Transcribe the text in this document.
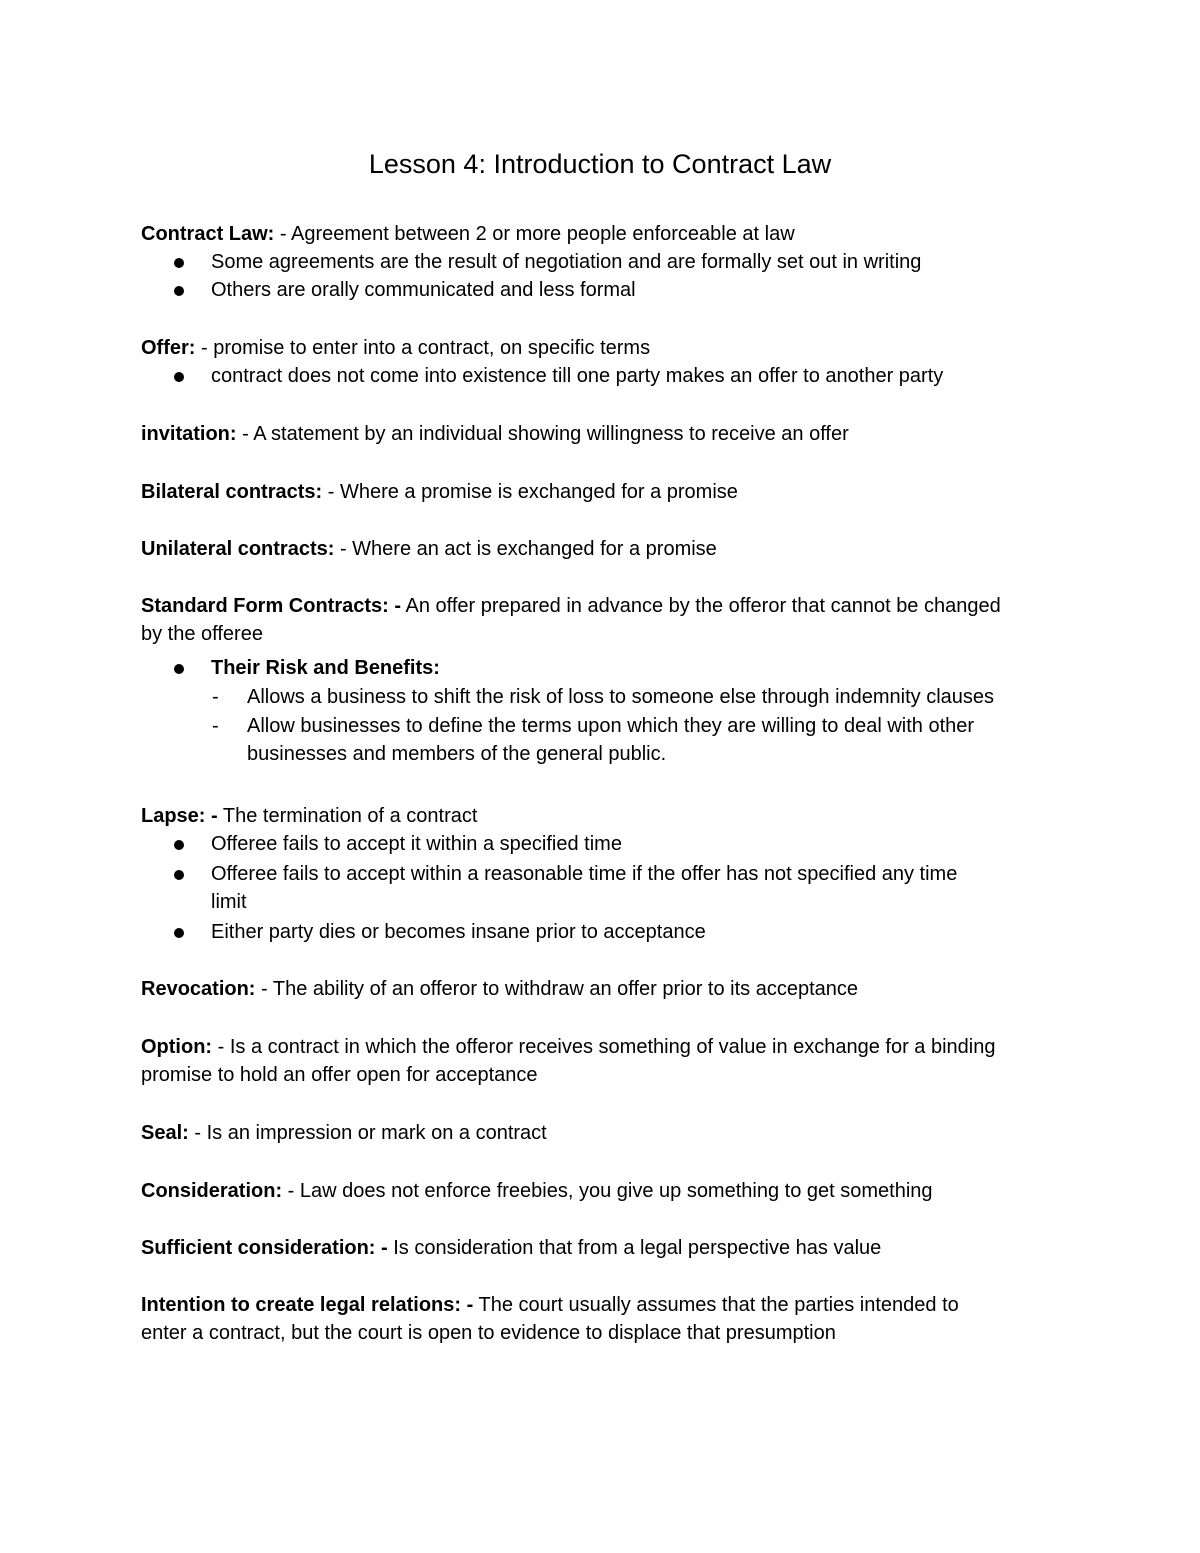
Lesson 4: Introduction to Contract Law
Contract Law: - Agreement between 2 or more people enforceable at law
Some agreements are the result of negotiation and are formally set out in writing
Others are orally communicated and less formal
Offer: - promise to enter into a contract, on specific terms
contract does not come into existence till one party makes an offer to another party
invitation: - A statement by an individual showing willingness to receive an offer
Bilateral contracts: - Where a promise is exchanged for a promise
Unilateral contracts: - Where an act is exchanged for a promise
Standard Form Contracts: - An offer prepared in advance by the offeror that cannot be changed
by the offeree
Their Risk and Benefits:
- Allows a business to shift the risk of loss to someone else through indemnity clauses
- Allow businesses to define the terms upon which they are willing to deal with other
businesses and members of the general public.
Lapse: - The termination of a contract
Offeree fails to accept it within a specified time
Offeree fails to accept within a reasonable time if the offer has not specified any time
limit
Either party dies or becomes insane prior to acceptance
Revocation: - The ability of an offeror to withdraw an offer prior to its acceptance
Option: - Is a contract in which the offeror receives something of value in exchange for a binding
promise to hold an offer open for acceptance
Seal: - Is an impression or mark on a contract
Consideration: - Law does not enforce freebies, you give up something to get something
Sufficient consideration: - Is consideration that from a legal perspective has value
Intention to create legal relations: - The court usually assumes that the parties intended to
enter a contract, but the court is open to evidence to displace that presumption
